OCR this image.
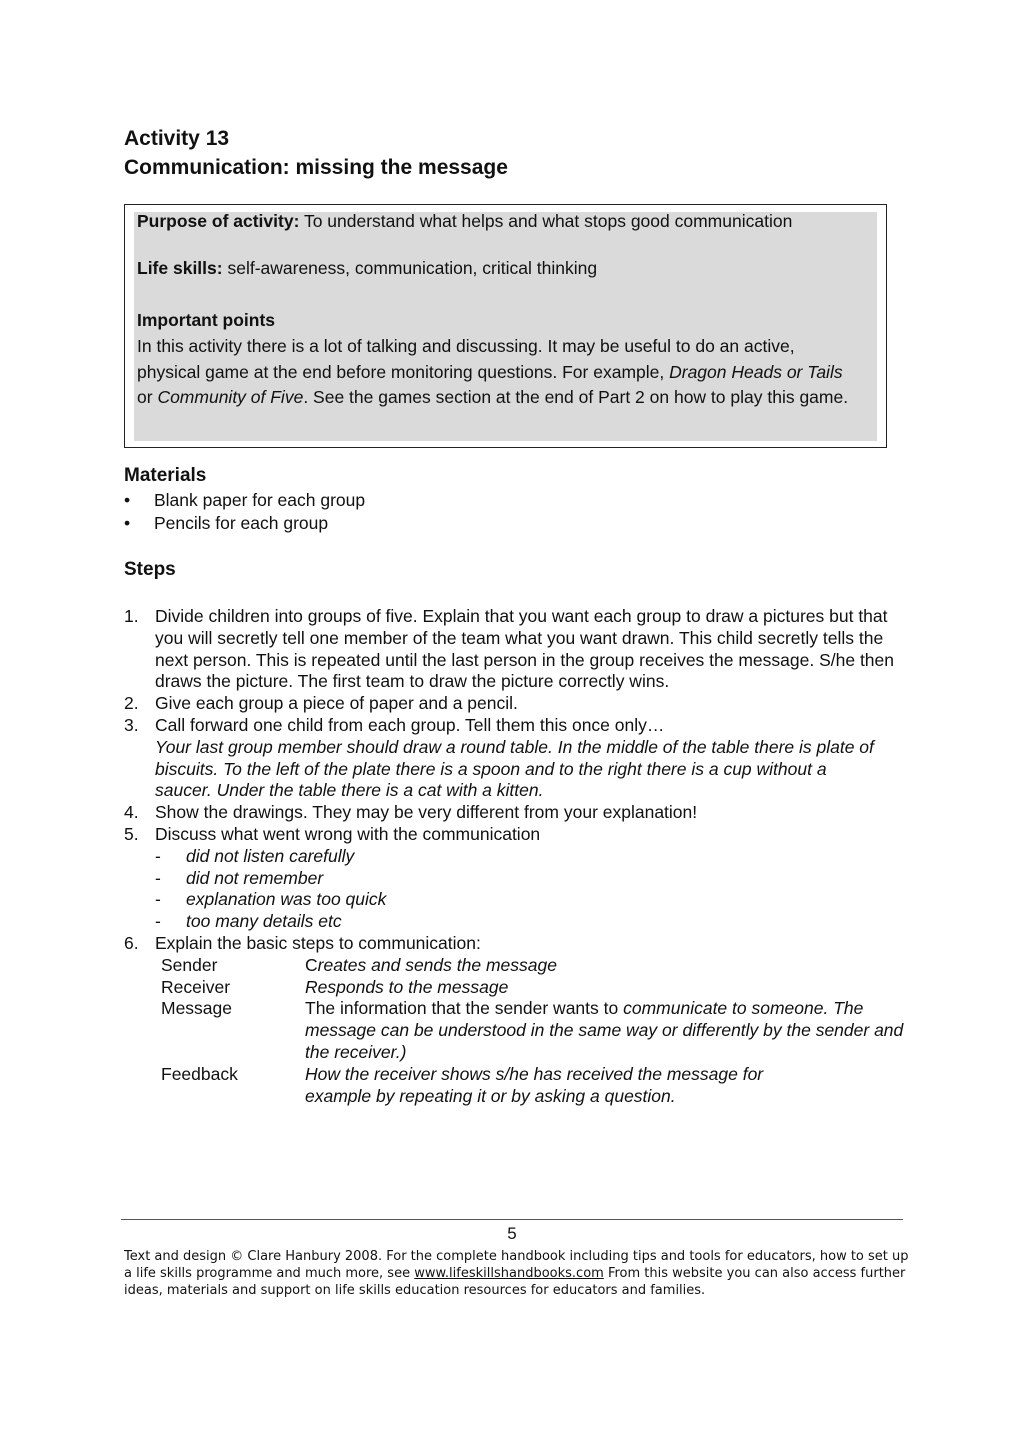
Activity 13
Communication: missing the message
Purpose of activity: To understand what helps and what stops good communication
Life skills: self-awareness, communication, critical thinking
Important points
In this activity there is a lot of talking and discussing. It may be useful to do an active, physical game at the end before monitoring questions. For example, Dragon Heads or Tails or Community of Five. See the games section at the end of Part 2 on how to play this game.
Materials
• Blank paper for each group
• Pencils for each group
Steps
1. Divide children into groups of five. Explain that you want each group to draw a pictures but that you will secretly tell one member of the team what you want drawn. This child secretly tells the next person. This is repeated until the last person in the group receives the message. S/he then draws the picture. The first team to draw the picture correctly wins.
2. Give each group a piece of paper and a pencil.
3. Call forward one child from each group. Tell them this once only…
Your last group member should draw a round table. In the middle of the table there is plate of biscuits. To the left of the plate there is a spoon and to the right there is a cup without a saucer. Under the table there is a cat with a kitten.
4. Show the drawings. They may be very different from your explanation!
5. Discuss what went wrong with the communication
- did not listen carefully
- did not remember
- explanation was too quick
- too many details etc
6. Explain the basic steps to communication:
Sender	Creates and sends the message
Receiver	Responds to the message
Message	The information that the sender wants to communicate to someone. The message can be understood in the same way or differently by the sender and the receiver.)
Feedback	How the receiver shows s/he has received the message for example by repeating it or by asking a question.
5
Text and design © Clare Hanbury 2008. For the complete handbook including tips and tools for educators, how to set up a life skills programme and much more, see www.lifeskillshandbooks.com From this website you can also access further ideas, materials and support on life skills education resources for educators and families.
